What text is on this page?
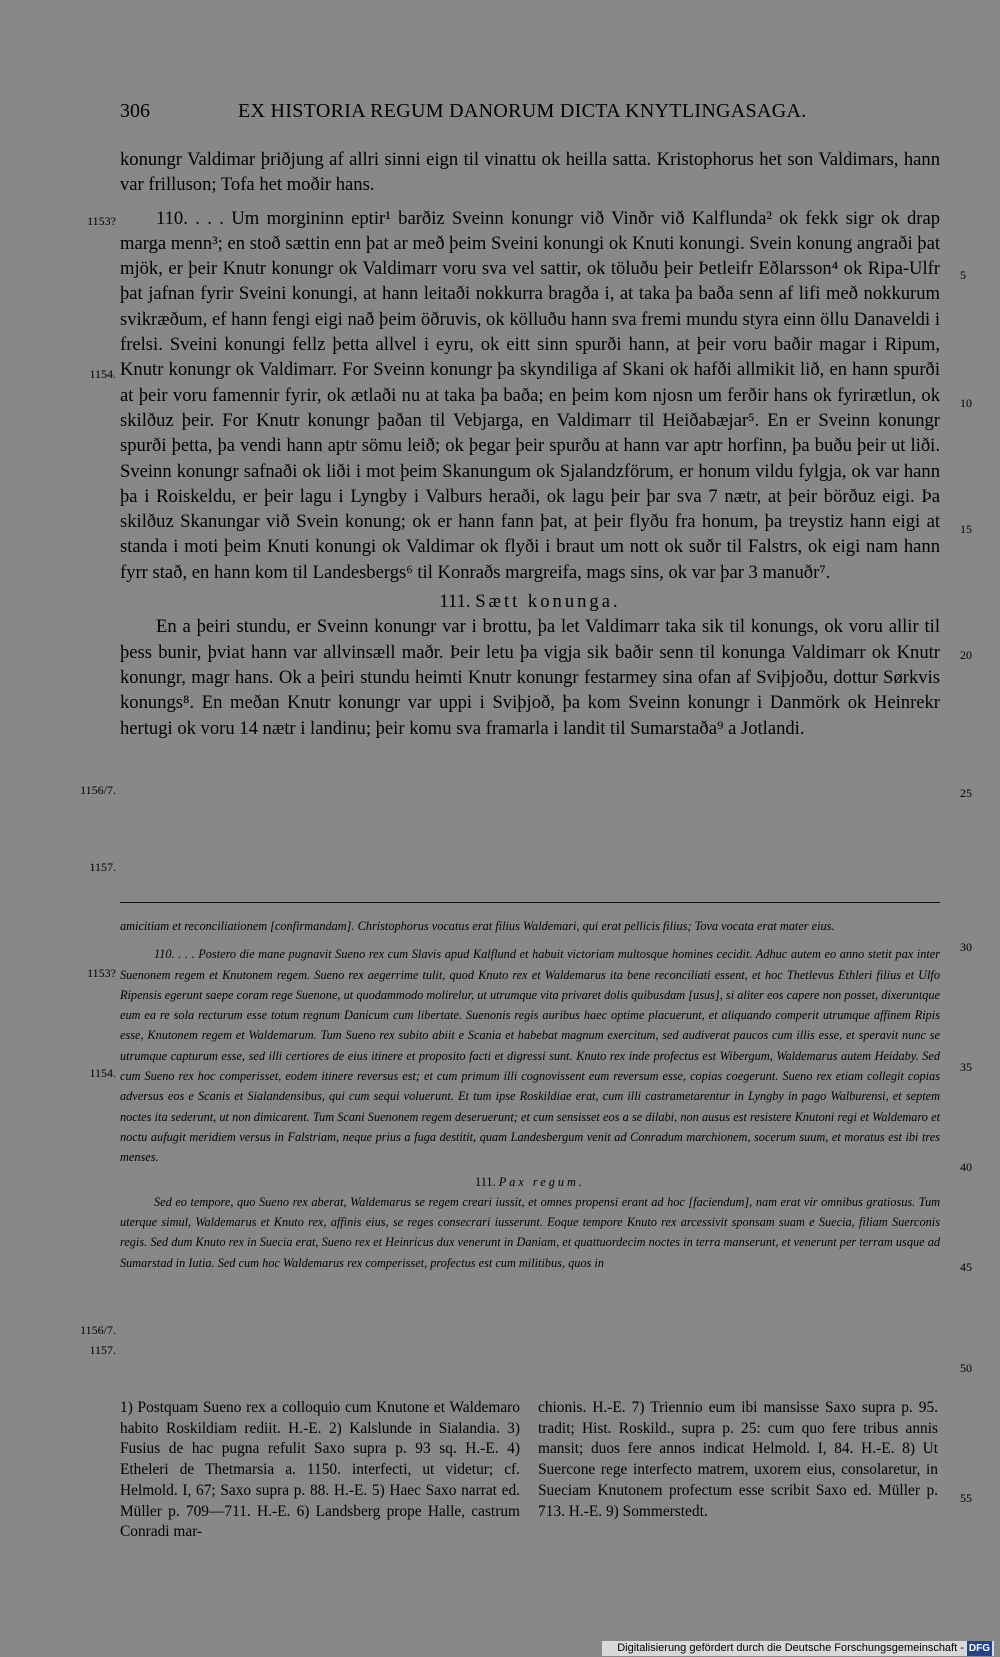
306	EX HISTORIA REGUM DANORUM DICTA KNYTLINGASAGA.

konungr Valdimar þriðjung af allri sinni eign til vinattu ok heilla satta. Kristophorus het son Valdimars, hann var frilluson; Tofa het moðir hans.

110. . . . Um morgininn eptir¹ barðiz Sveinn konungr við Vinðr við Kalflunda² ok fekk sigr ok drap marga menn³; en stoð sættin enn þat ar með þeim Sveini konungi ok Knuti konungi. Svein konung angraði þat mjök, er þeir Knutr konungr ok Valdimarr voru sva vel sattir, ok töluðu þeir Þetleifr Eðlarsson⁴ ok Ripa-Ulfr þat jafnan fyrir Sveini konungi, at hann leitaði nokkurra bragða i, at taka þa baða senn af lifi með nokkurum svikræðum, ef hann fengi eigi nað þeim öðruvis, ok kölluðu hann sva fremi mundu styra einn öllu Danaveldi i frelsi. Sveini konungi fellz þetta allvel i eyru, ok eitt sinn spurði hann, at þeir voru baðir magar i Ripum, Knutr konungr ok Valdimarr. For Sveinn konungr þa skyndiliga af Skani ok hafði allmikit lið, en hann spurði at þeir voru famennir fyrir, ok ætlaði nu at taka þa baða; en þeim kom njosn um ferðir hans ok fyrirætlun, ok skilðuz þeir. For Knutr konungr þaðan til Vebjarga, en Valdimarr til Heiðabæjar⁵. En er Sveinn konungr spurði þetta, þa vendi hann aptr sömu leið; ok þegar þeir spurðu at hann var aptr horfinn, þa buðu þeir ut liði. Sveinn konungr safnaði ok liði i mot þeim Skanungum ok Sjalandzförum, er honum vildu fylgja, ok var hann þa i Roiskeldu, er þeir lagu i Lyngby i Valburs heraði, ok lagu þeir þar sva 7 nætr, at þeir börðuz eigi. Þa skilðuz Skanungar við Svein konung; ok er hann fann þat, at þeir flyðu fra honum, þa treystiz hann eigi at standa i moti þeim Knuti konungi ok Valdimar ok flyði i braut um nott ok suðr til Falstrs, ok eigi nam hann fyrr stað, en hann kom til Landesbergs⁶ til Konraðs margreifa, mags sins, ok var þar 3 manuðr⁷.

111. Sætt konunga.

En a þeiri stundu, er Sveinn konungr var i brottu, þa let Valdimarr taka sik til konungs, ok voru allir til þess bunir, þviat hann var allvinsæll maðr. Þeir letu þa vigja sik baðir senn til konunga Valdimarr ok Knutr konungr, magr hans. Ok a þeiri stundu heimti Knutr konungr festarmey sina ofan af Sviþjoðu, dottur Sørkvis konungs⁸. En meðan Knutr konungr var uppi i Sviþjoð, þa kom Sveinn konungr i Danmörk ok Heinrekr hertugi ok voru 14 nætr i landinu; þeir komu sva framarla i landit til Sumarstaða⁹ a Jotlandi.

1153?
1154.
1156/7.
1157.
5
10
15
20
25

amicitiam et reconciliationem [confirmandam]. Christophorus vocatus erat filius Waldemari, qui erat pellicis filius; Tova vocata erat mater eius.

110. . . . Postero die mane pugnavit Sueno rex cum Slavis apud Kalflund et habuit victoriam multosque homines cecidit. Adhuc autem eo anno stetit pax inter Suenonem regem et Knutonem regem. Sueno rex aegerrime tulit, quod Knuto rex et Waldemarus ita bene reconciliati essent, et hoc Thetlevus Ethleri filius et Ulfo Ripensis egerunt saepe coram rege Suenone, ut quodammodo molirelur, ut utrumque vita privaret dolis quibusdam [usus], si aliter eos capere non posset, dixeruntque eum ea re sola recturum esse totum regnum Danicum cum libertate. Suenonis regis auribus haec optime placuerunt, et aliquando comperit utrumque affinem Ripis esse, Knutonem regem et Waldemarum. Tum Sueno rex subito abiit e Scania et habebat magnum exercitum, sed audiverat paucos cum illis esse, et speravit nunc se utrumque capturum esse, sed illi certiores de eius itinere et proposito facti et digressi sunt. Knuto rex inde profectus est Wibergum, Waldemarus autem Heidaby. Sed cum Sueno rex hoc comperisset, eodem itinere reversus est; et cum primum illi cognovissent eum reversum esse, copias coegerunt. Sueno rex etiam collegit copias adversus eos e Scanis et Sialandensibus, qui cum sequi voluerunt. Et tum ipse Roskildiae erat, cum illi castrametarentur in Lyngby in pago Walburensi, et septem noctes ita sederunt, ut non dimicarent. Tum Scani Suenonem regem deseruerunt; et cum sensisset eos a se dilabi, non ausus est resistere Knutoni regi et Waldemaro et noctu aufugit meridiem versus in Falstriam, neque prius a fuga destitit, quam Landesbergum venit ad Conradum marchionem, socerum suum, et moratus est ibi tres menses.

111. Pax regum.

Sed eo tempore, quo Sueno rex aberat, Waldemarus se regem creari iussit, et omnes propensi erant ad hoc [faciendum], nam erat vir omnibus gratiosus. Tum uterque simul, Waldemarus et Knuto rex, affinis eius, se reges consecrari iusserunt. Eoque tempore Knuto rex arcessivit sponsam suam e Suecia, filiam Suerconis regis. Sed dum Knuto rex in Suecia erat, Sueno rex et Heinricus dux venerunt in Daniam, et quattuordecim noctes in terra manserunt, et venerunt per terram usque ad Sumarstad in Iutia. Sed cum hoc Waldemarus rex comperisset, profectus est cum militibus, quos in

1153?
1154.
1156/7.
1157.
30
35
40
45
50

1) Postquam Sueno rex a colloquio cum Knutone et Waldemaro habito Roskildiam rediit. H.-E. 2) Kalslunde in Sialandia. 3) Fusius de hac pugna refulit Saxo supra p. 93 sq. H.-E. 4) Etheleri de Thetmarsia a. 1150. interfecti, ut videtur; cf. Helmold. I, 67; Saxo supra p. 88. H.-E. 5) Haec Saxo narrat ed. Müller p. 709—711. H.-E. 6) Landsberg prope Halle, castrum Conradi mar-

chionis. H.-E. 7) Triennio eum ibi mansisse Saxo supra p. 95. tradit; Hist. Roskild., supra p. 25: cum quo fere tribus annis mansit; duos fere annos indicat Helmold. I, 84. H.-E. 8) Ut Suercone rege interfecto matrem, uxorem eius, consolaretur, in Sueciam Knutonem profectum esse scribit Saxo ed. Müller p. 713. H.-E. 9) Sommerstedt.

55
Digitalisierung gefördert durch die Deutsche Forschungsgemeinschaft - DFG
